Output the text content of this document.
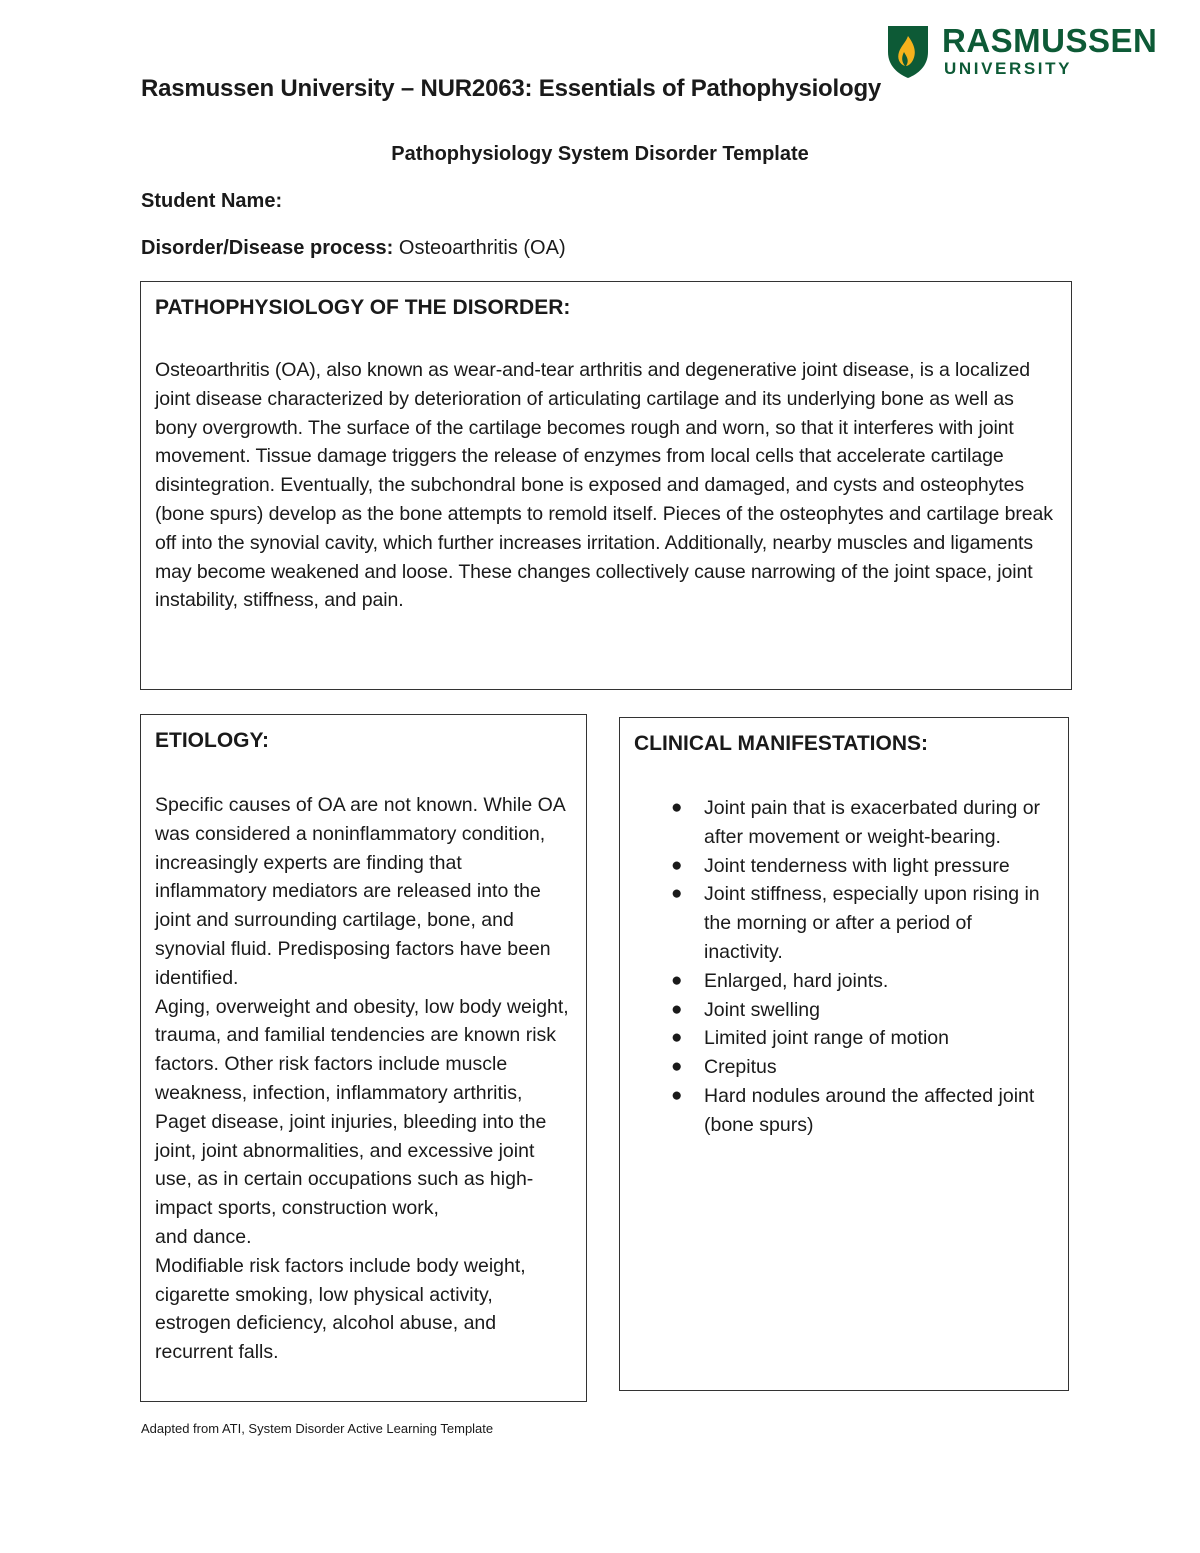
RASMUSSEN
UNIVERSITY
Rasmussen University – NUR2063: Essentials of Pathophysiology
Pathophysiology System Disorder Template
Student Name:
Disorder/Disease process: Osteoarthritis (OA)

PATHOPHYSIOLOGY OF THE DISORDER:

Osteoarthritis (OA), also known as wear-and-tear arthritis and degenerative joint disease, is a localized joint disease characterized by deterioration of articulating cartilage and its underlying bone as well as bony overgrowth. The surface of the cartilage becomes rough and worn, so that it interferes with joint movement. Tissue damage triggers the release of enzymes from local cells that accelerate cartilage disintegration. Eventually, the subchondral bone is exposed and damaged, and cysts and osteophytes (bone spurs) develop as the bone attempts to remold itself. Pieces of the osteophytes and cartilage break off into the synovial cavity, which further increases irritation. Additionally, nearby muscles and ligaments may become weakened and loose. These changes collectively cause narrowing of the joint space, joint instability, stiffness, and pain.

ETIOLOGY:

Specific causes of OA are not known. While OA was considered a noninflammatory condition, increasingly experts are finding that inflammatory mediators are released into the joint and surrounding cartilage, bone, and synovial fluid. Predisposing factors have been identified.
Aging, overweight and obesity, low body weight, trauma, and familial tendencies are known risk factors. Other risk factors include muscle weakness, infection, inflammatory arthritis, Paget disease, joint injuries, bleeding into the joint, joint abnormalities, and excessive joint use, as in certain occupations such as high-impact sports, construction work,
and dance.
Modifiable risk factors include body weight, cigarette smoking, low physical activity, estrogen deficiency, alcohol abuse, and recurrent falls.

CLINICAL MANIFESTATIONS:

● Joint pain that is exacerbated during or after movement or weight-bearing.
● Joint tenderness with light pressure
● Joint stiffness, especially upon rising in the morning or after a period of inactivity.
● Enlarged, hard joints.
● Joint swelling
● Limited joint range of motion
● Crepitus
● Hard nodules around the affected joint (bone spurs)
Adapted from ATI, System Disorder Active Learning Template
